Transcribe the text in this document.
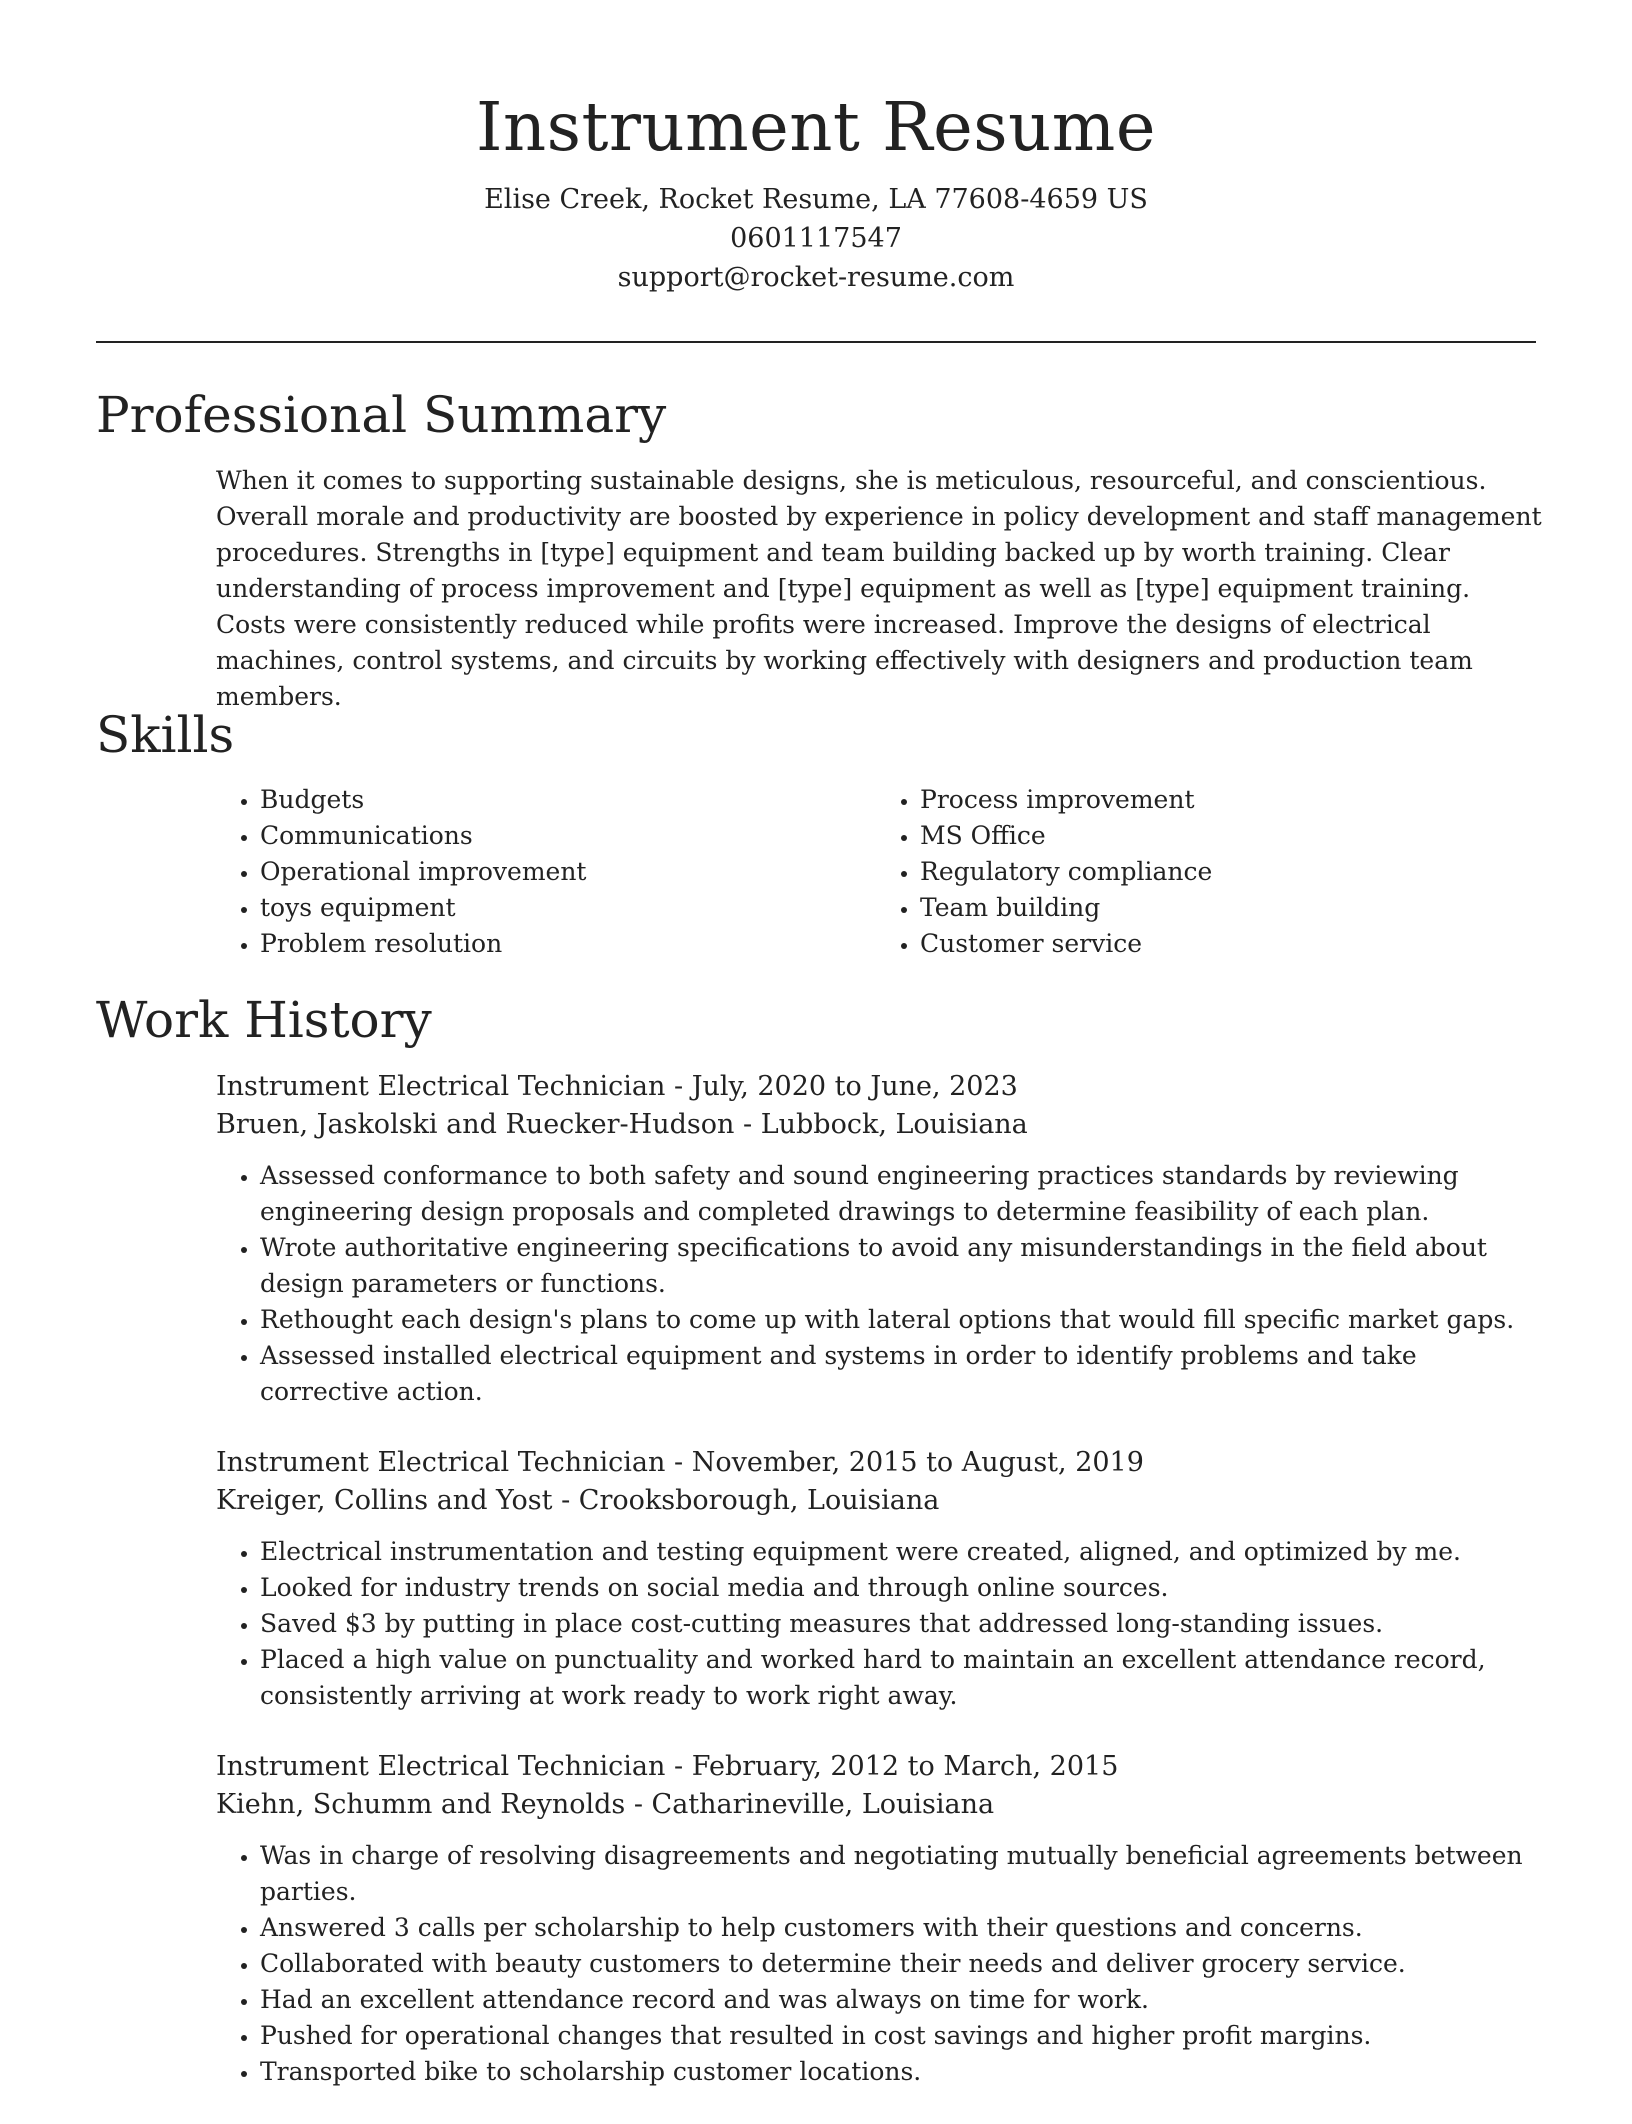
Instrument Resume
Elise Creek, Rocket Resume, LA 77608-4659 US
0601117547
support@rocket-resume.com
Professional Summary

When it comes to supporting sustainable designs, she is meticulous, resourceful, and conscientious. Overall morale and productivity are boosted by experience in policy development and staff management procedures. Strengths in [type] equipment and team building backed up by worth training. Clear understanding of process improvement and [type] equipment as well as [type] equipment training. Costs were consistently reduced while profits were increased. Improve the designs of electrical machines, control systems, and circuits by working effectively with designers and production team members.

Skills
• Budgets
• Communications
• Operational improvement
• toys equipment
• Problem resolution
• Process improvement
• MS Office
• Regulatory compliance
• Team building
• Customer service
Work History

Instrument Electrical Technician - July, 2020 to June, 2023

Bruen, Jaskolski and Ruecker-Hudson - Lubbock, Louisiana

• Assessed conformance to both safety and sound engineering practices standards by reviewing engineering design proposals and completed drawings to determine feasibility of each plan.
• Wrote authoritative engineering specifications to avoid any misunderstandings in the field about design parameters or functions.
• Rethought each design's plans to come up with lateral options that would fill specific market gaps.
• Assessed installed electrical equipment and systems in order to identify problems and take corrective action.

Instrument Electrical Technician - November, 2015 to August, 2019

Kreiger, Collins and Yost - Crooksborough, Louisiana

• Electrical instrumentation and testing equipment were created, aligned, and optimized by me.
• Looked for industry trends on social media and through online sources.
• Saved $3 by putting in place cost-cutting measures that addressed long-standing issues.
• Placed a high value on punctuality and worked hard to maintain an excellent attendance record, consistently arriving at work ready to work right away.

Instrument Electrical Technician - February, 2012 to March, 2015

Kiehn, Schumm and Reynolds - Catharineville, Louisiana

• Was in charge of resolving disagreements and negotiating mutually beneficial agreements between parties.
• Answered 3 calls per scholarship to help customers with their questions and concerns.
• Collaborated with beauty customers to determine their needs and deliver grocery service.
• Had an excellent attendance record and was always on time for work.
• Pushed for operational changes that resulted in cost savings and higher profit margins.
• Transported bike to scholarship customer locations.
